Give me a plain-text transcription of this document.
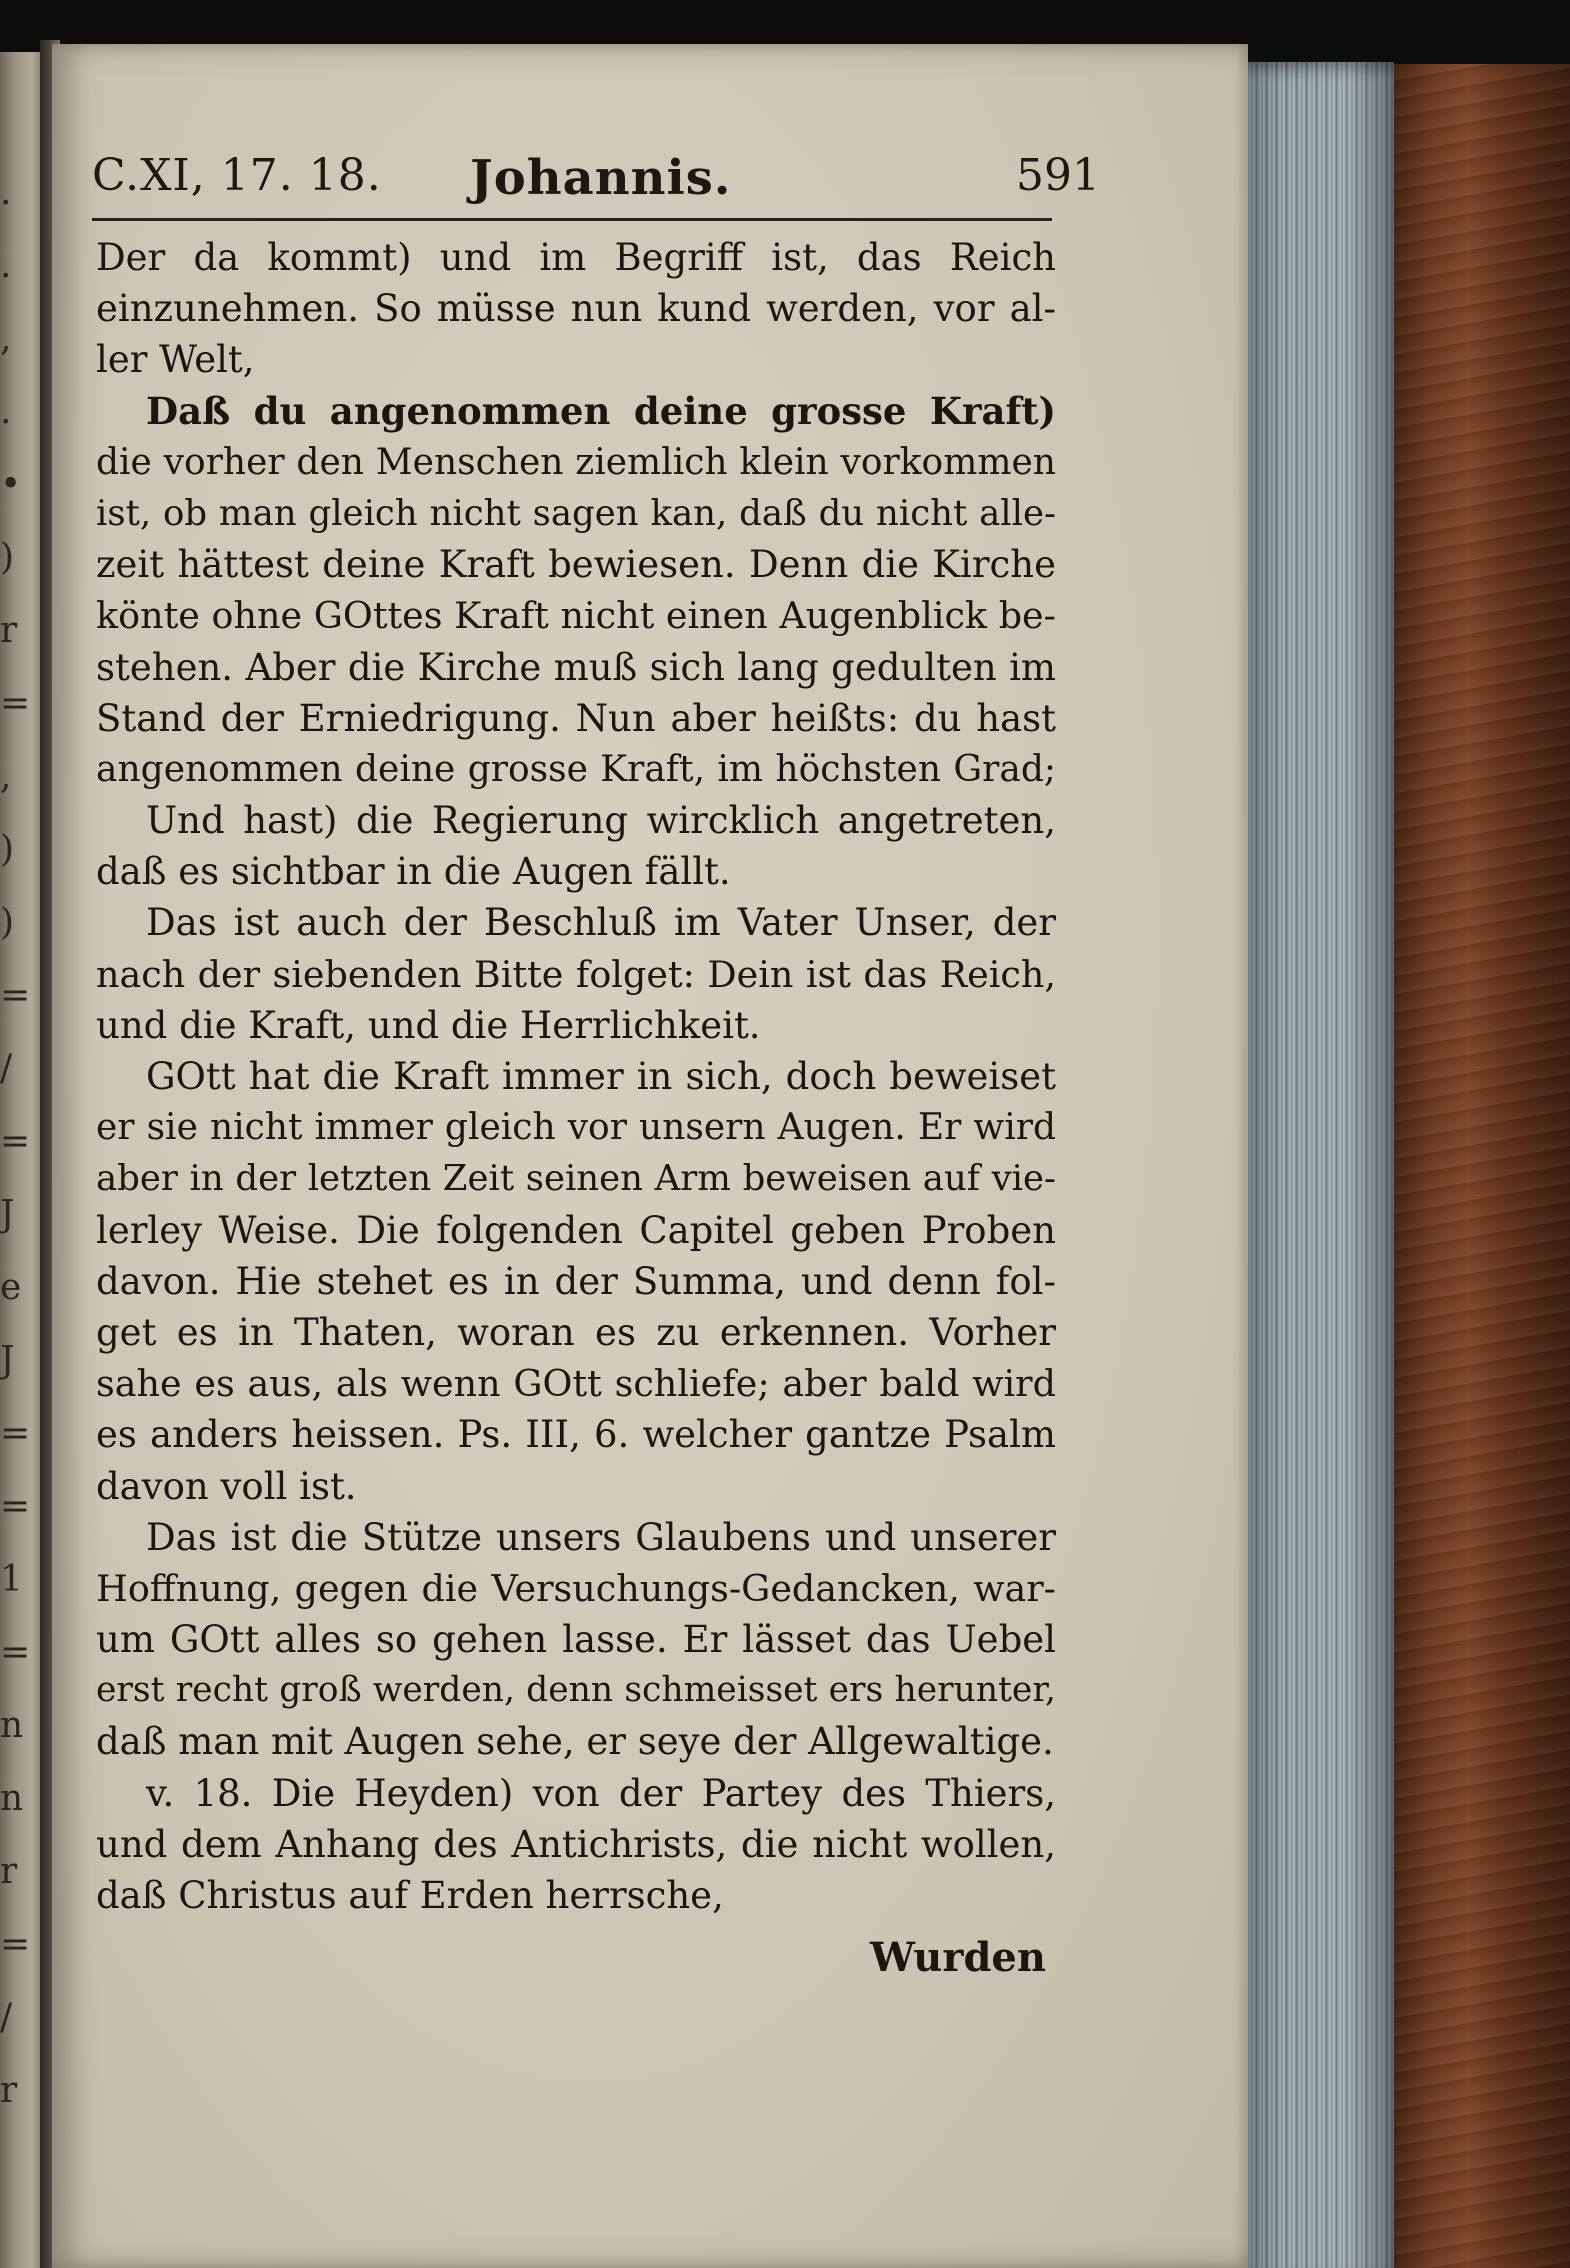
.
.
,
.
•
)
r
=
,
)
)
=
/
=
J
e
J
=
=
1
=
n
n
r
=
/
r
C.XI, 17. 18. Johannis.	591
Der da kommt) und im Begriff ist, das Reich
einzunehmen. So müsse nun kund werden, vor al-
ler Welt,
Daß du angenommen deine grosse Kraft)
die vorher den Menschen ziemlich klein vorkommen
ist, ob man gleich nicht sagen kan, daß du nicht alle-
zeit hättest deine Kraft bewiesen. Denn die Kirche
könte ohne GOttes Kraft nicht einen Augenblick be-
stehen. Aber die Kirche muß sich lang gedulten im
Stand der Erniedrigung. Nun aber heißts: du hast
angenommen deine grosse Kraft, im höchsten Grad;
Und hast) die Regierung wircklich angetreten,
daß es sichtbar in die Augen fällt.
Das ist auch der Beschluß im Vater Unser, der
nach der siebenden Bitte folget: Dein ist das Reich,
und die Kraft, und die Herrlichkeit.
GOtt hat die Kraft immer in sich, doch beweiset
er sie nicht immer gleich vor unsern Augen. Er wird
aber in der letzten Zeit seinen Arm beweisen auf vie-
lerley Weise. Die folgenden Capitel geben Proben
davon. Hie stehet es in der Summa, und denn fol-
get es in Thaten, woran es zu erkennen. Vorher
sahe es aus, als wenn GOtt schliefe; aber bald wird
es anders heissen. Ps. III, 6. welcher gantze Psalm
davon voll ist.
Das ist die Stütze unsers Glaubens und unserer
Hoffnung, gegen die Versuchungs-Gedancken, war-
um GOtt alles so gehen lasse. Er lässet das Uebel
erst recht groß werden, denn schmeisset ers herunter,
daß man mit Augen sehe, er seye der Allgewaltige.
v. 18. Die Heyden) von der Partey des Thiers,
und dem Anhang des Antichrists, die nicht wollen,
daß Christus auf Erden herrsche,
Wurden
